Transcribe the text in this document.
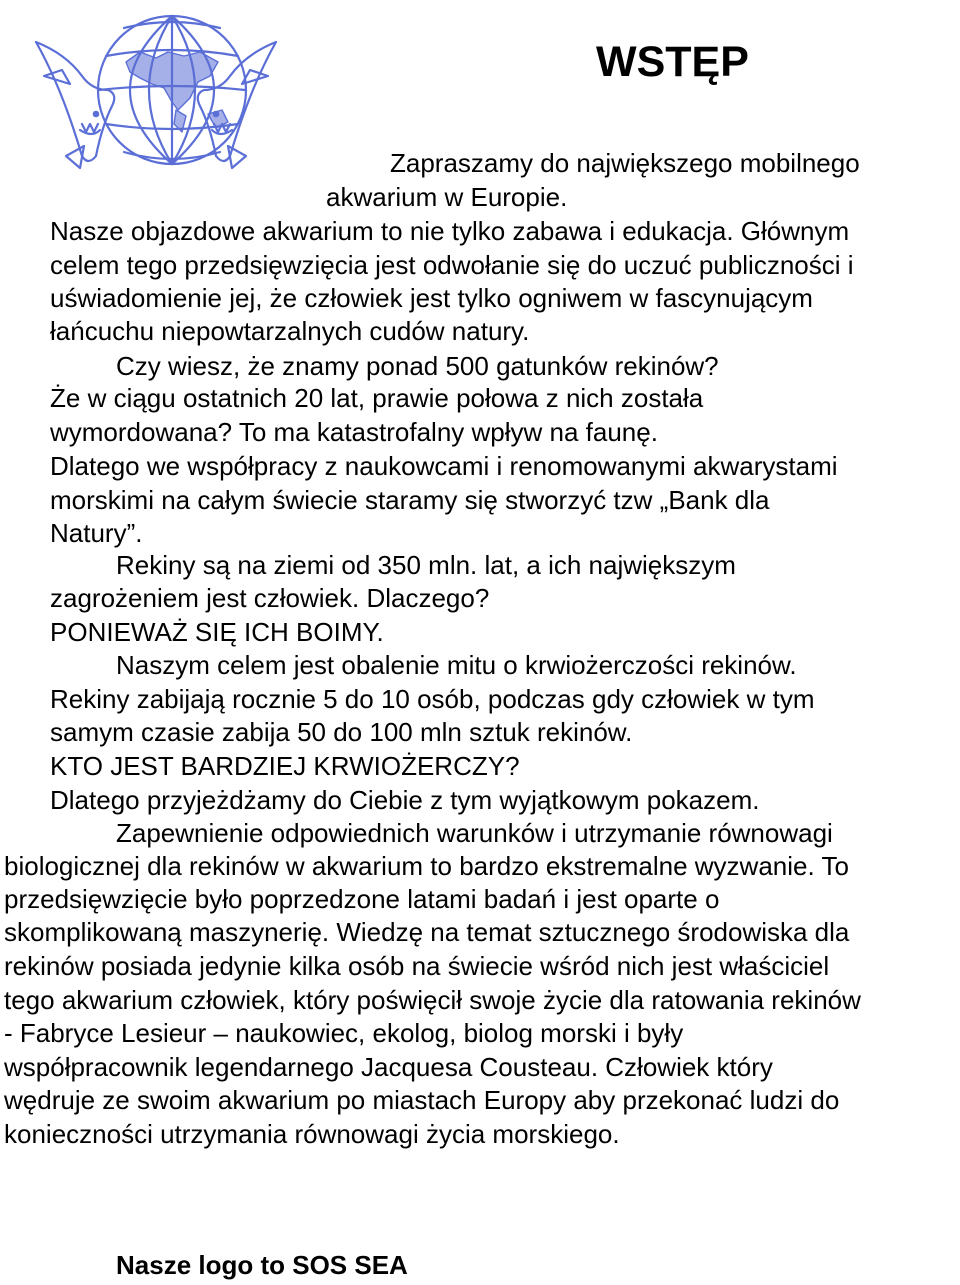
WSTĘP

Zapraszamy do największego mobilnego

akwarium w Europie.

Nasze objazdowe akwarium to nie tylko zabawa i edukacja. Głównym

celem tego przedsięwzięcia jest odwołanie się do uczuć publiczności i

uświadomienie jej, że człowiek jest tylko ogniwem w fascynującym

łańcuchu niepowtarzalnych cudów natury.

Czy wiesz, że znamy ponad 500 gatunków rekinów?

Że w ciągu ostatnich 20 lat, prawie połowa z nich została

wymordowana? To ma katastrofalny wpływ na faunę.

Dlatego we współpracy z naukowcami i renomowanymi akwarystami

morskimi na całym świecie staramy się stworzyć tzw „Bank dla

Natury”.

Rekiny są na ziemi od 350 mln. lat, a ich największym

zagrożeniem jest człowiek. Dlaczego?

PONIEWAŻ SIĘ ICH BOIMY.

Naszym celem jest obalenie mitu o krwiożerczości rekinów.

Rekiny zabijają rocznie 5 do 10 osób, podczas gdy człowiek w tym

samym czasie zabija 50 do 100 mln sztuk rekinów.

KTO JEST BARDZIEJ KRWIOŻERCZY?

Dlatego przyjeżdżamy do Ciebie z tym wyjątkowym pokazem.

Zapewnienie odpowiednich warunków i utrzymanie równowagi

biologicznej dla rekinów w akwarium to bardzo ekstremalne wyzwanie. To

przedsięwzięcie było poprzedzone latami badań i jest oparte o

skomplikowaną maszynerię. Wiedzę na temat sztucznego środowiska dla

rekinów posiada jedynie kilka osób na świecie wśród nich jest właściciel

tego akwarium człowiek, który poświęcił swoje życie dla ratowania rekinów

- Fabryce Lesieur – naukowiec, ekolog, biolog morski i były

współpracownik legendarnego Jacquesa Cousteau. Człowiek który

wędruje ze swoim akwarium po miastach Europy aby przekonać ludzi do

konieczności utrzymania równowagi życia morskiego.

Nasze logo to SOS SEA
